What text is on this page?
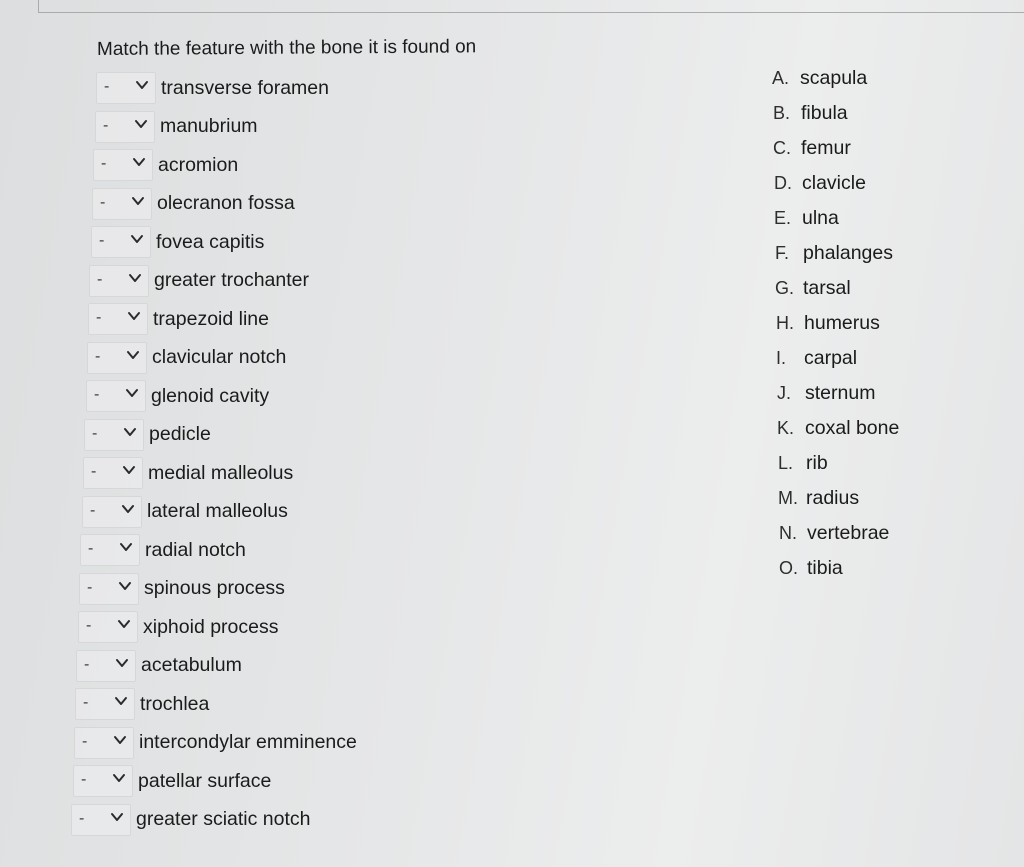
Match the feature with the bone it is found on
-	transverse foramen
-	manubrium
-	acromion
-	olecranon fossa
-	fovea capitis
-	greater trochanter
-	trapezoid line
-	clavicular notch
-	glenoid cavity
-	pedicle
-	medial malleolus
-	lateral malleolus
-	radial notch
-	spinous process
-	xiphoid process
-	acetabulum
-	trochlea
-	intercondylar emminence
-	patellar surface
-	greater sciatic notch
A. scapula
B. fibula
C. femur
D. clavicle
E. ulna
F. phalanges
G. tarsal
H. humerus
I. carpal
J. sternum
K. coxal bone
L. rib
M. radius
N. vertebrae
O. tibia
